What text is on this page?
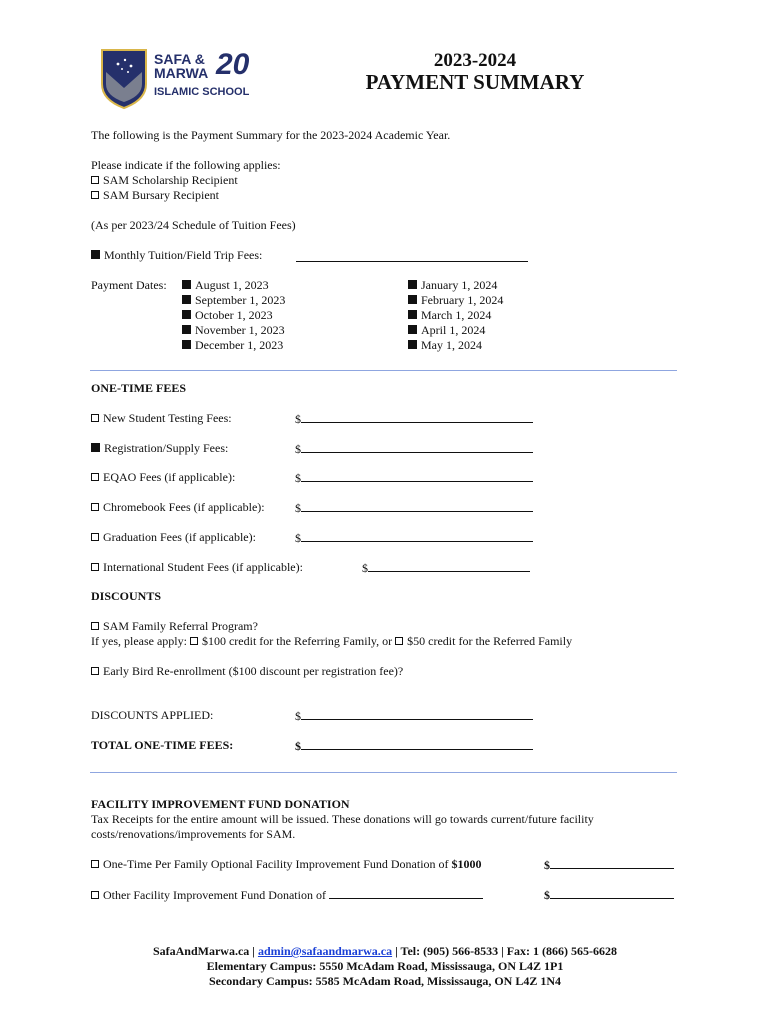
SAFA &
MARWA
ISLAMIC SCHOOL
20	2023-2024
PAYMENT SUMMARY
The following is the Payment Summary for the 2023-2024 Academic Year.
Please indicate if the following applies:
SAM Scholarship Recipient
SAM Bursary Recipient
(As per 2023/24 Schedule of Tuition Fees)
Monthly Tuition/Field Trip Fees:
Payment Dates:	August 1, 2023
September 1, 2023
October 1, 2023
November 1, 2023
December 1, 2023
January 1, 2024
February 1, 2024
March 1, 2024
April 1, 2024
May 1, 2024
ONE-TIME FEES
New Student Testing Fees:	$
Registration/Supply Fees:	$
EQAO Fees (if applicable):	$
Chromebook Fees (if applicable):	$
Graduation Fees (if applicable):	$
International Student Fees (if applicable):	$
DISCOUNTS
SAM Family Referral Program?
If yes, please apply: $100 credit for the Referring Family, or $50 credit for the Referred Family
Early Bird Re-enrollment ($100 discount per registration fee)?
DISCOUNTS APPLIED:	$
TOTAL ONE-TIME FEES:	$
FACILITY IMPROVEMENT FUND DONATION
Tax Receipts for the entire amount will be issued. These donations will go towards current/future facility
costs/renovations/improvements for SAM.
One-Time Per Family Optional Facility Improvement Fund Donation of $1000	$
Other Facility Improvement Fund Donation of	$
SafaAndMarwa.ca | admin@safaandmarwa.ca | Tel: (905) 566-8533 | Fax: 1 (866) 565-6628
Elementary Campus: 5550 McAdam Road, Mississauga, ON L4Z 1P1
Secondary Campus: 5585 McAdam Road, Mississauga, ON L4Z 1N4
